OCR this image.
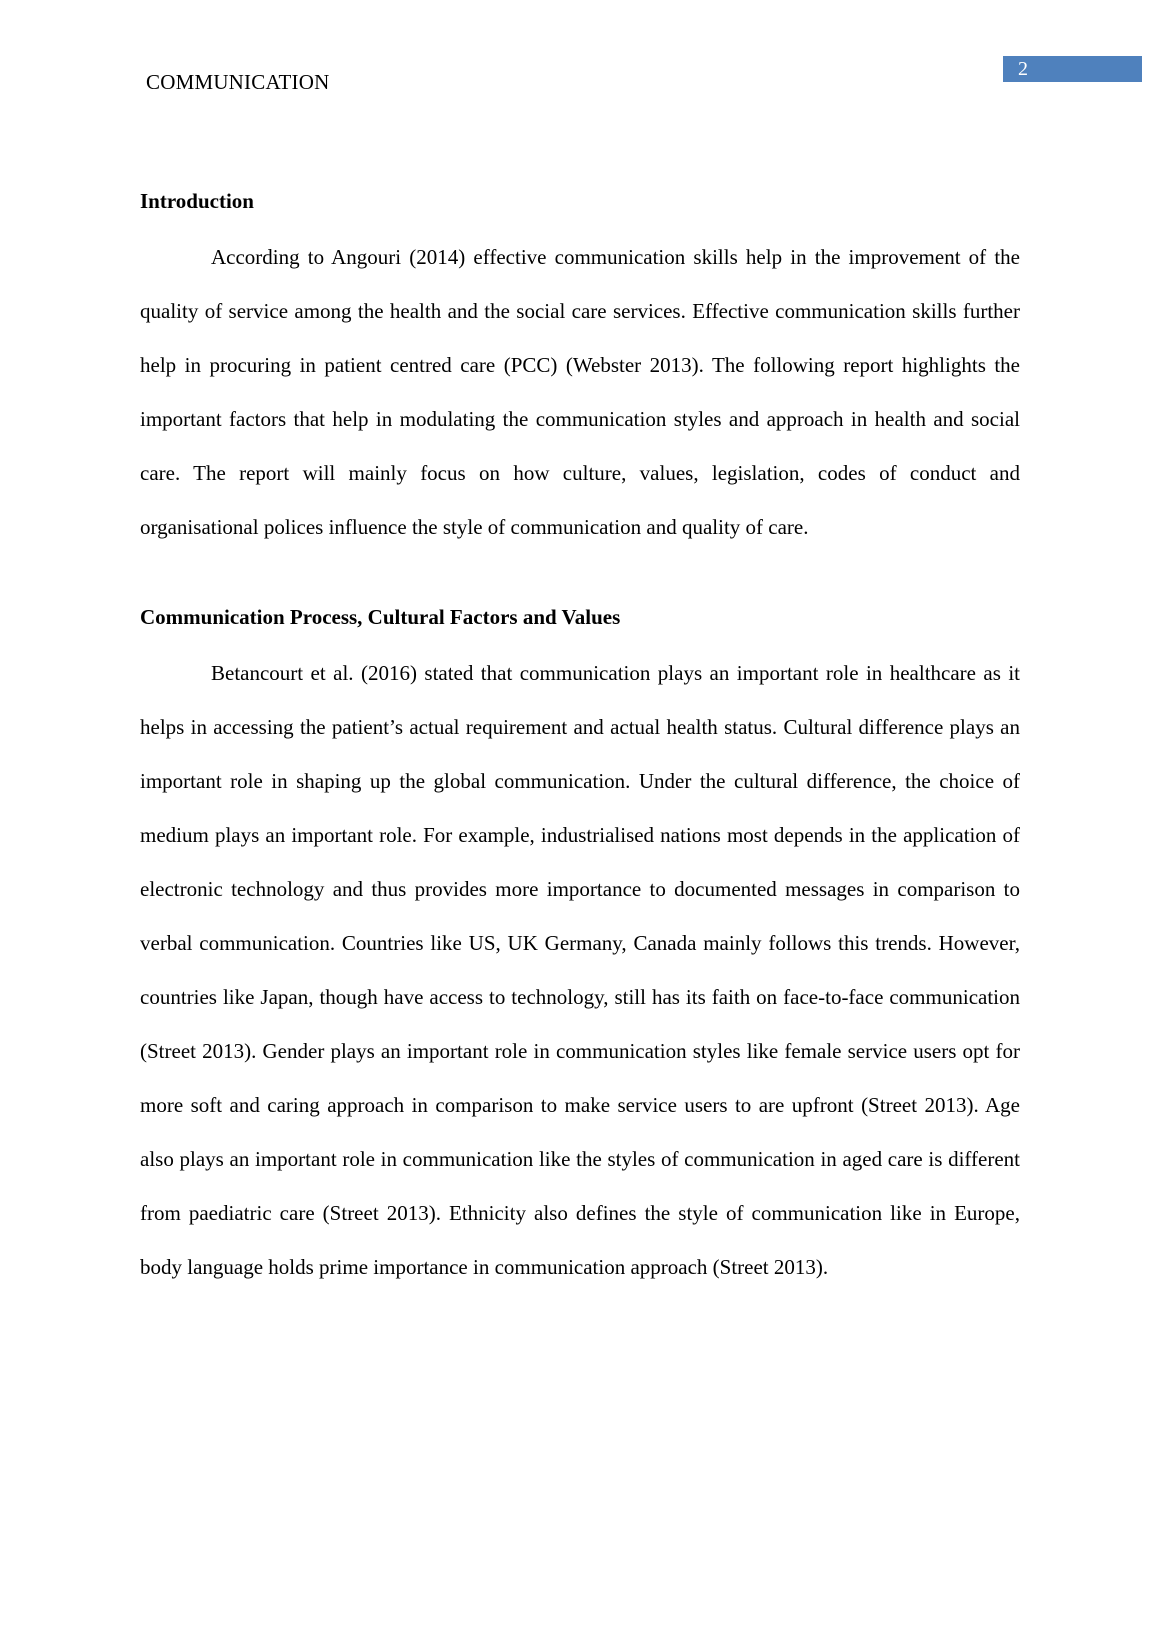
2
COMMUNICATION
Introduction

According to Angouri (2014) effective communication skills help in the improvement of the quality of service among the health and the social care services. Effective communication skills further help in procuring in patient centred care (PCC) (Webster 2013). The following report highlights the important factors that help in modulating the communication styles and approach in health and social care. The report will mainly focus on how culture, values, legislation, codes of conduct and organisational polices influence the style of communication and quality of care.

Communication Process, Cultural Factors and Values

Betancourt et al. (2016) stated that communication plays an important role in healthcare as it helps in accessing the patient’s actual requirement and actual health status. Cultural difference plays an important role in shaping up the global communication. Under the cultural difference, the choice of medium plays an important role. For example, industrialised nations most depends in the application of electronic technology and thus provides more importance to documented messages in comparison to verbal communication. Countries like US, UK Germany, Canada mainly follows this trends. However, countries like Japan, though have access to technology, still has its faith on face-to-face communication (Street 2013). Gender plays an important role in communication styles like female service users opt for more soft and caring approach in comparison to make service users to are upfront (Street 2013). Age also plays an important role in communication like the styles of communication in aged care is different from paediatric care (Street 2013). Ethnicity also defines the style of communication like in Europe, body language holds prime importance in communication approach (Street 2013).
